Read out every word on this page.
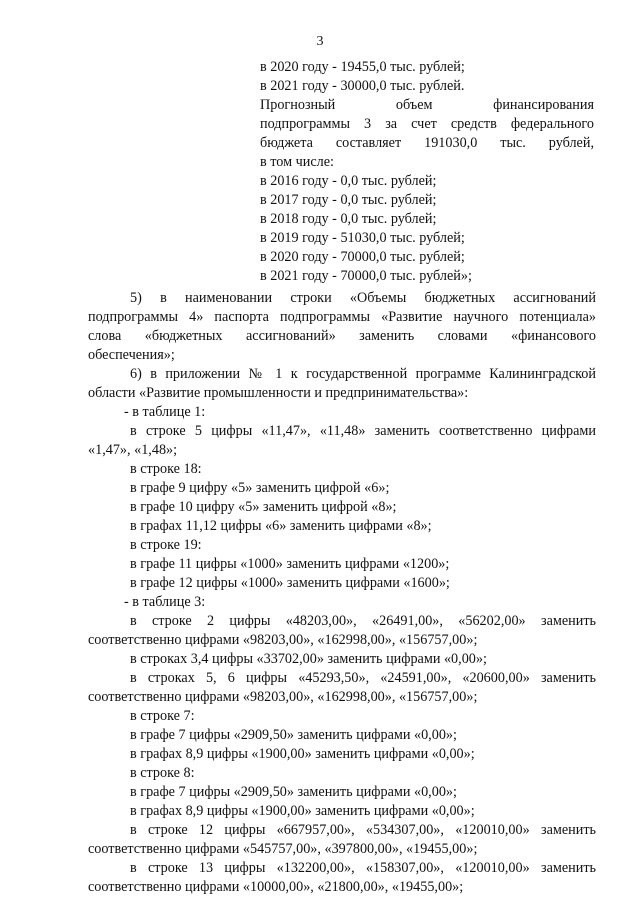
3
в 2020 году - 19455,0 тыс. рублей;
в 2021 году - 30000,0 тыс. рублей.
Прогнозный объем финансирования
подпрограммы 3 за счет средств федерального
бюджета составляет 191030,0 тыс. рублей,
в том числе:
в 2016 году - 0,0 тыс. рублей;
в 2017 году - 0,0 тыс. рублей;
в 2018 году - 0,0 тыс. рублей;
в 2019 году - 51030,0 тыс. рублей;
в 2020 году - 70000,0 тыс. рублей;
в 2021 году - 70000,0 тыс. рублей»;
5) в наименовании строки «Объемы бюджетных ассигнований
подпрограммы 4» паспорта подпрограммы «Развитие научного потенциала»
слова «бюджетных ассигнований» заменить словами «финансового
обеспечения»;
6) в приложении № 1 к государственной программе Калининградской
области «Развитие промышленности и предпринимательства»:
- в таблице 1:
в строке 5 цифры «11,47», «11,48» заменить соответственно цифрами
«1,47», «1,48»;
в строке 18:
в графе 9 цифру «5» заменить цифрой «6»;
в графе 10 цифру «5» заменить цифрой «8»;
в графах 11,12 цифры «6» заменить цифрами «8»;
в строке 19:
в графе 11 цифры «1000» заменить цифрами «1200»;
в графе 12 цифры «1000» заменить цифрами «1600»;
- в таблице 3:
в строке 2 цифры «48203,00», «26491,00», «56202,00» заменить
соответственно цифрами «98203,00», «162998,00», «156757,00»;
в строках 3,4 цифры «33702,00» заменить цифрами «0,00»;
в строках 5, 6 цифры «45293,50», «24591,00», «20600,00» заменить
соответственно цифрами «98203,00», «162998,00», «156757,00»;
в строке 7:
в графе 7 цифры «2909,50» заменить цифрами «0,00»;
в графах 8,9 цифры «1900,00» заменить цифрами «0,00»;
в строке 8:
в графе 7 цифры «2909,50» заменить цифрами «0,00»;
в графах 8,9 цифры «1900,00» заменить цифрами «0,00»;
в строке 12 цифры «667957,00», «534307,00», «120010,00» заменить
соответственно цифрами «545757,00», «397800,00», «19455,00»;
в строке 13 цифры «132200,00», «158307,00», «120010,00» заменить
соответственно цифрами «10000,00», «21800,00», «19455,00»;
